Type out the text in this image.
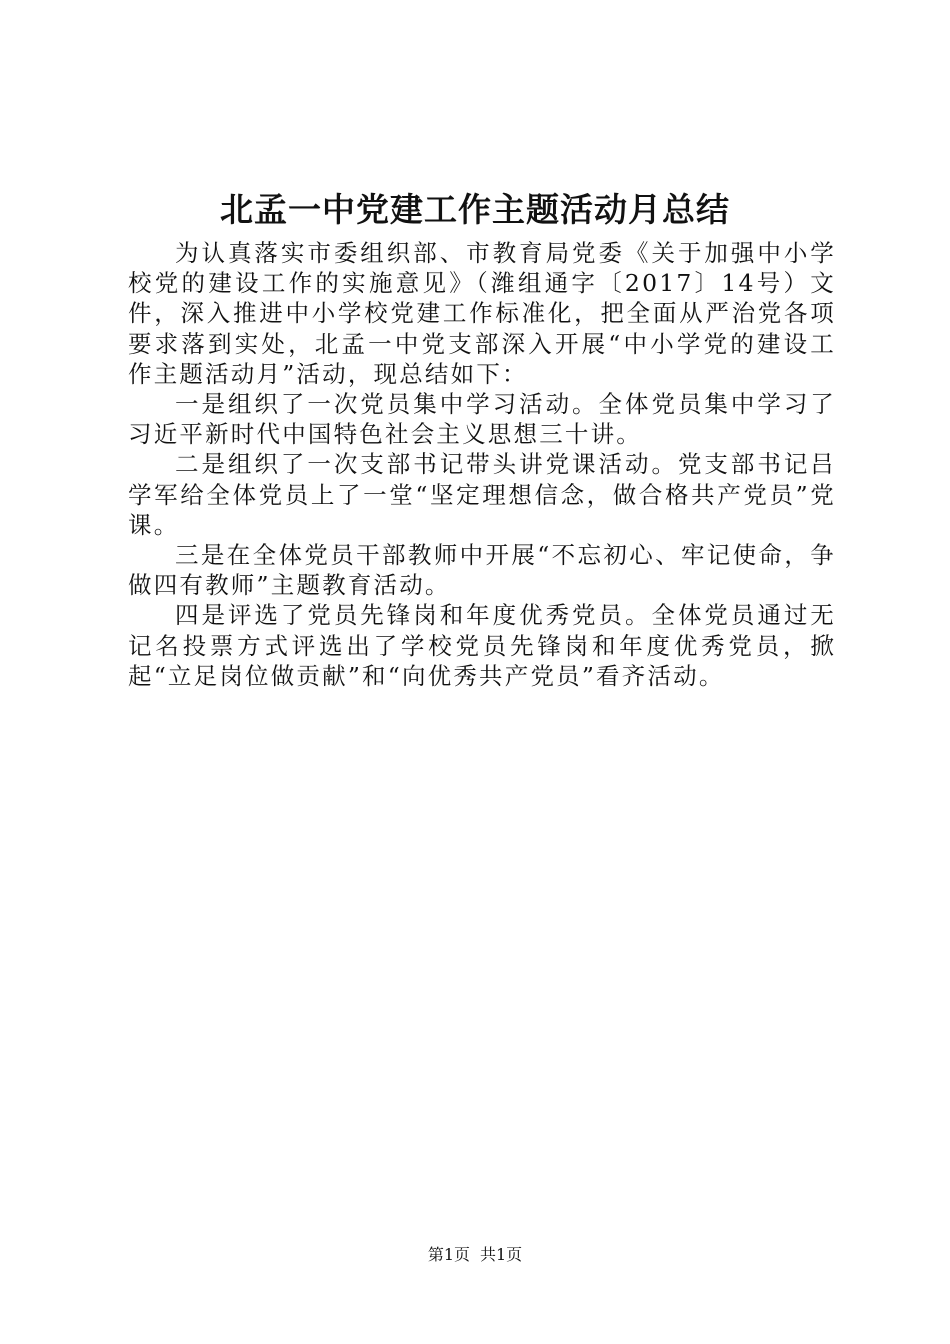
北孟一中党建工作主题活动月总结

为认真落实市委组织部、市教育局党委《关于加强中小学校党的建设工作的实施意见》（潍组通字〔2017〕14号）文件，深入推进中小学校党建工作标准化，把全面从严治党各项要求落到实处，北孟一中党支部深入开展“中小学党的建设工作主题活动月”活动，现总结如下：

一是组织了一次党员集中学习活动。全体党员集中学习了习近平新时代中国特色社会主义思想三十讲。

二是组织了一次支部书记带头讲党课活动。党支部书记吕学军给全体党员上了一堂“坚定理想信念，做合格共产党员”党课。

三是在全体党员干部教师中开展“不忘初心、牢记使命，争做四有教师”主题教育活动。

四是评选了党员先锋岗和年度优秀党员。全体党员通过无记名投票方式评选出了学校党员先锋岗和年度优秀党员，掀起“立足岗位做贡献”和“向优秀共产党员”看齐活动。

第1页 共1页
